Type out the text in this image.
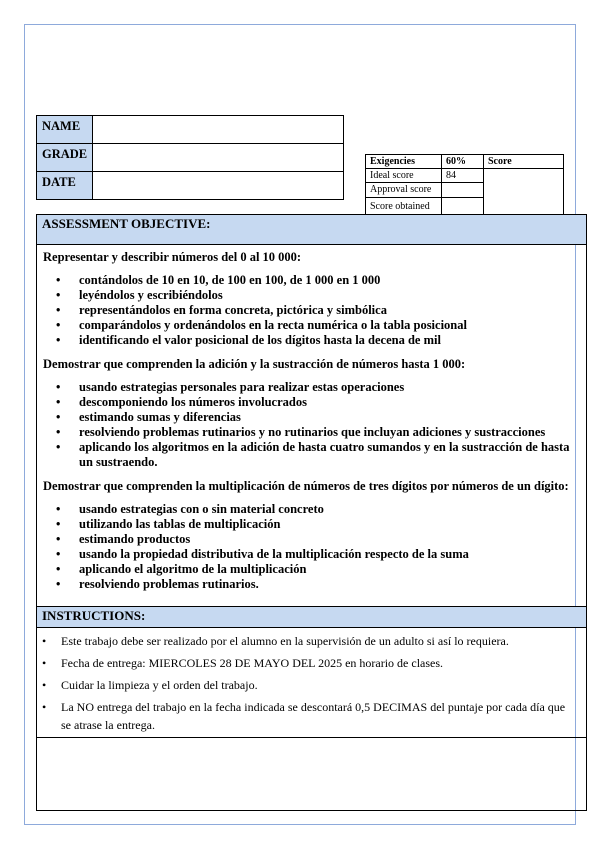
NAME	
GRADE	
DATE	
Exigencies	60%	Score
Ideal score	84	
Approval score		
Score obtained		
ASSESSMENT OBJECTIVE:

Representar y describir números del 0 al 10 000:

• contándolos de 10 en 10, de 100 en 100, de 1 000 en 1 000
• leyéndolos y escribiéndolos
• representándolos en forma concreta, pictórica y simbólica
• comparándolos y ordenándolos en la recta numérica o la tabla posicional
• identificando el valor posicional de los dígitos hasta la decena de mil

Demostrar que comprenden la adición y la sustracción de números hasta 1 000:

• usando estrategias personales para realizar estas operaciones
• descomponiendo los números involucrados
• estimando sumas y diferencias
• resolviendo problemas rutinarios y no rutinarios que incluyan adiciones y sustracciones
• aplicando los algoritmos en la adición de hasta cuatro sumandos y en la sustracción de hasta un sustraendo.

Demostrar que comprenden la multiplicación de números de tres dígitos por números de un dígito:

• usando estrategias con o sin material concreto
• utilizando las tablas de multiplicación
• estimando productos
• usando la propiedad distributiva de la multiplicación respecto de la suma
• aplicando el algoritmo de la multiplicación
• resolviendo problemas rutinarios.
INSTRUCTIONS:
• Este trabajo debe ser realizado por el alumno en la supervisión de un adulto si así lo requiera.
• Fecha de entrega: MIERCOLES 28 DE MAYO DEL 2025 en horario de clases.
• Cuidar la limpieza y el orden del trabajo.
• La NO entrega del trabajo en la fecha indicada se descontará 0,5 DECIMAS del puntaje por cada día que se atrase la entrega.
